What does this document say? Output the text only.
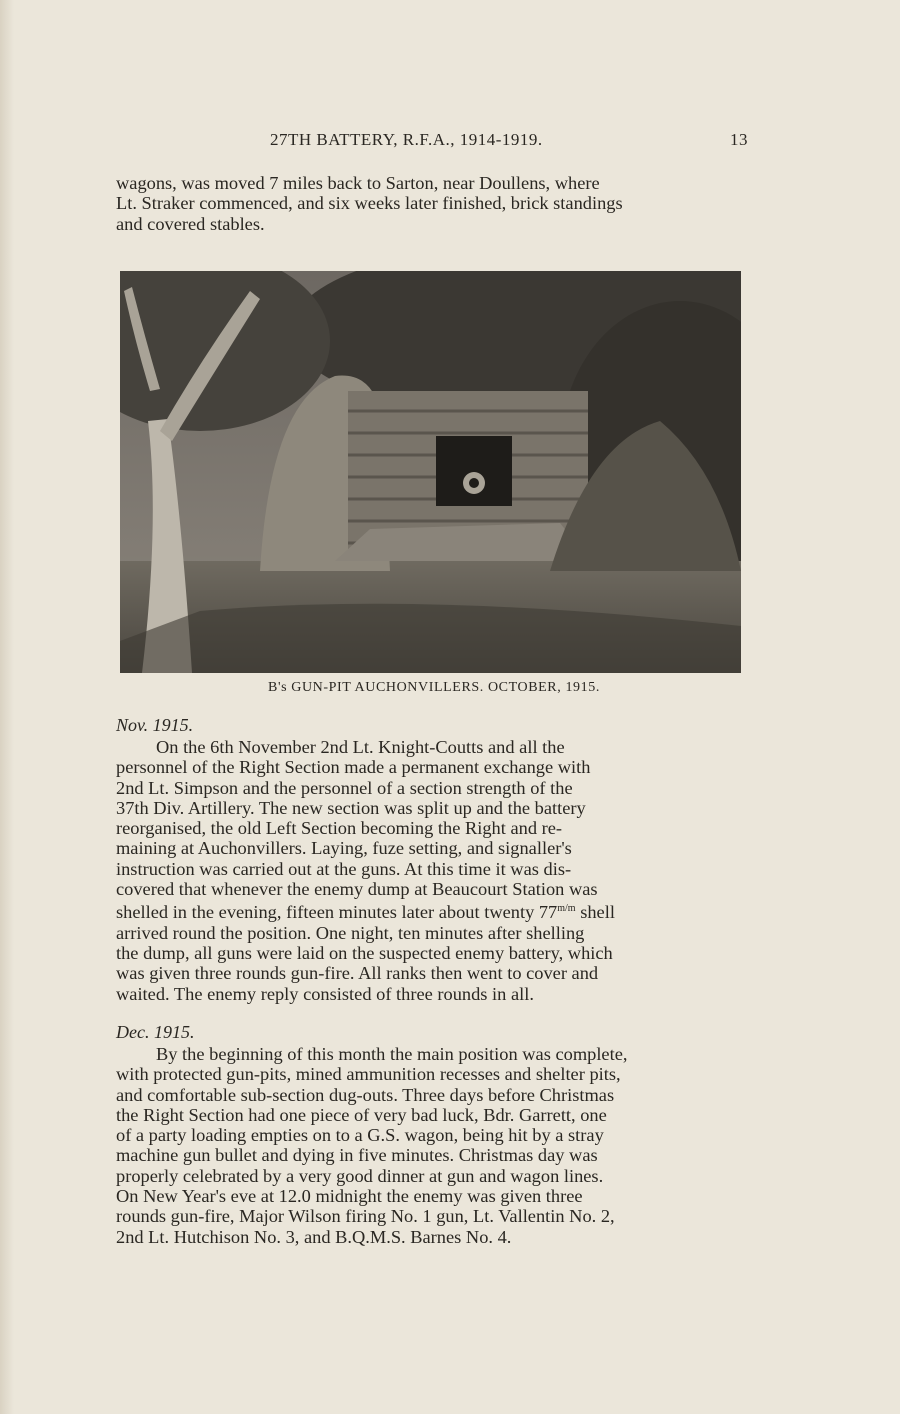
27TH BATTERY, R.F.A., 1914-1919.	13

wagons, was moved 7 miles back to Sarton, near Doullens, where
Lt. Straker commenced, and six weeks later finished, brick standings
and covered stables.

B's GUN-PIT AUCHONVILLERS. OCTOBER, 1915.
Nov. 1915.

On the 6th November 2nd Lt. Knight-Coutts and all the
personnel of the Right Section made a permanent exchange with
2nd Lt. Simpson and the personnel of a section strength of the
37th Div. Artillery. The new section was split up and the battery
reorganised, the old Left Section becoming the Right and re-
maining at Auchonvillers. Laying, fuze setting, and signaller's
instruction was carried out at the guns. At this time it was dis-
covered that whenever the enemy dump at Beaucourt Station was
shelled in the evening, fifteen minutes later about twenty $77^{m/m}$ shell
arrived round the position. One night, ten minutes after shelling
the dump, all guns were laid on the suspected enemy battery, which
was given three rounds gun-fire. All ranks then went to cover and
waited. The enemy reply consisted of three rounds in all.

Dec. 1915.

By the beginning of this month the main position was complete,
with protected gun-pits, mined ammunition recesses and shelter pits,
and comfortable sub-section dug-outs. Three days before Christmas
the Right Section had one piece of very bad luck, Bdr. Garrett, one
of a party loading empties on to a G.S. wagon, being hit by a stray
machine gun bullet and dying in five minutes. Christmas day was
properly celebrated by a very good dinner at gun and wagon lines.
On New Year's eve at 12.0 midnight the enemy was given three
rounds gun-fire, Major Wilson firing No. 1 gun, Lt. Vallentin No. 2,
2nd Lt. Hutchison No. 3, and B.Q.M.S. Barnes No. 4.
